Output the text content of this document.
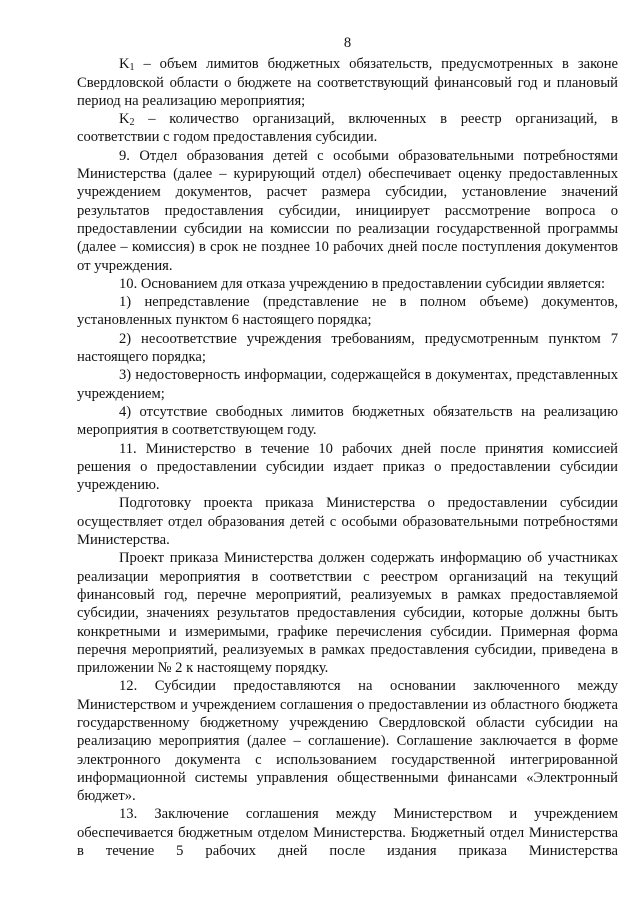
8

$K_1$ – объем лимитов бюджетных обязательств, предусмотренных в законе Свердловской области о бюджете на соответствующий финансовый год и плановый период на реализацию мероприятия;

$K_2$ – количество организаций, включенных в реестр организаций, в соответствии с годом предоставления субсидии.

9. Отдел образования детей с особыми образовательными потребностями Министерства (далее – курирующий отдел) обеспечивает оценку предоставленных учреждением документов, расчет размера субсидии, установление значений результатов предоставления субсидии, инициирует рассмотрение вопроса о предоставлении субсидии на комиссии по реализации государственной программы (далее – комиссия) в срок не позднее 10 рабочих дней после поступления документов от учреждения.

10. Основанием для отказа учреждению в предоставлении субсидии является:

1) непредставление (представление не в полном объеме) документов, установленных пунктом 6 настоящего порядка;

2) несоответствие учреждения требованиям, предусмотренным пунктом 7 настоящего порядка;

3) недостоверность информации, содержащейся в документах, представленных учреждением;

4) отсутствие свободных лимитов бюджетных обязательств на реализацию мероприятия в соответствующем году.

11. Министерство в течение 10 рабочих дней после принятия комиссией решения о предоставлении субсидии издает приказ о предоставлении субсидии учреждению.

Подготовку проекта приказа Министерства о предоставлении субсидии осуществляет отдел образования детей с особыми образовательными потребностями Министерства.

Проект приказа Министерства должен содержать информацию об участниках реализации мероприятия в соответствии с реестром организаций на текущий финансовый год, перечне мероприятий, реализуемых в рамках предоставляемой субсидии, значениях результатов предоставления субсидии, которые должны быть конкретными и измеримыми, графике перечисления субсидии. Примерная форма перечня мероприятий, реализуемых в рамках предоставления субсидии, приведена в приложении № 2 к настоящему порядку.

12. Субсидии предоставляются на основании заключенного между Министерством и учреждением соглашения о предоставлении из областного бюджета государственному бюджетному учреждению Свердловской области субсидии на реализацию мероприятия (далее – соглашение). Соглашение заключается в форме электронного документа с использованием государственной интегрированной информационной системы управления общественными финансами «Электронный бюджет».

13. Заключение соглашения между Министерством и учреждением обеспечивается бюджетным отделом Министерства. Бюджетный отдел Министерства в течение 5 рабочих дней после издания приказа Министерства
